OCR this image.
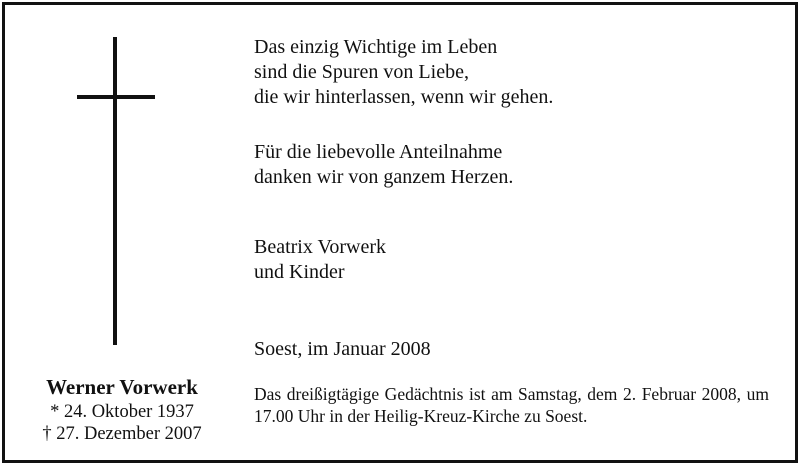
Das einzig Wichtige im Leben
sind die Spuren von Liebe,
die wir hinterlassen, wenn wir gehen.
Für die liebevolle Anteilnahme
danken wir von ganzem Herzen.
Beatrix Vorwerk
und Kinder
Soest, im Januar 2008
Werner Vorwerk
* 24. Oktober 1937
† 27. Dezember 2007
Das dreißigtägige Gedächtnis ist am Samstag, dem 2. Februar 2008, um 17.00 Uhr in der Heilig-Kreuz-Kirche zu Soest.
